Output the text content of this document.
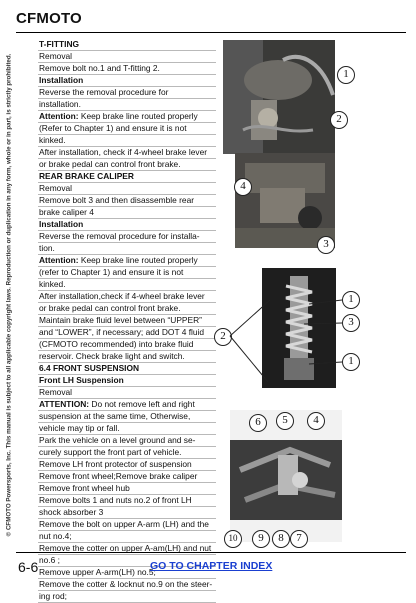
CFMOTO
© CFMOTO Powersports, Inc. This manual is subject to all applicable copyright laws. Reproduction or duplication in any form, whole or in part, is strictly prohibited.
T-FITTING
Removal
Remove bolt no.1 and T-fitting 2.
Installation
Reverse the removal procedure for
installation.
Attention: Keep brake line routed properly
(Refer to Chapter 1) and ensure it is not
kinked.
After installation, check if 4-wheel brake lever
or brake pedal can control front brake.
REAR BRAKE CALIPER
Removal
Remove bolt 3 and then disassemble rear
brake caliper 4
Installation
Reverse the removal procedure for installa-
tion.
Attention: Keep brake line routed properly
(refer to Chapter 1) and ensure it is not
kinked.
After installation,check if 4-wheel brake lever
or brake pedal can control front brake.
Maintain brake fluid level between “UPPER”
and “LOWER”, if necessary; add DOT 4 fluid
(CFMOTO recommended) into brake fluid
reservoir. Check brake light and switch.
6.4 FRONT SUSPENSION
Front LH Suspension
Removal
ATTENTION: Do not remove left and right
suspension at the same time, Otherwise,
vehicle may tip or fall.
Park the vehicle on a level ground and se-
curely support the front part of vehicle.
Remove LH front protector of suspension
Remove front wheel;Remove brake caliper
Remove front wheel hub
Remove bolts 1 and nuts no.2 of front LH
shock absorber 3
Remove the bolt on upper A-arm (LH) and the
nut no.4;
Remove the cotter on upper A-am(LH) and nut
no.6 ;
Remove upper A-arm(LH) no.5;
Remove the cotter & locknut no.9 on the steer-
ing rod;
1
2
4
3
1
2
3
1
6	5	4
10	9	8	7
6-6	GO TO CHAPTER INDEX
